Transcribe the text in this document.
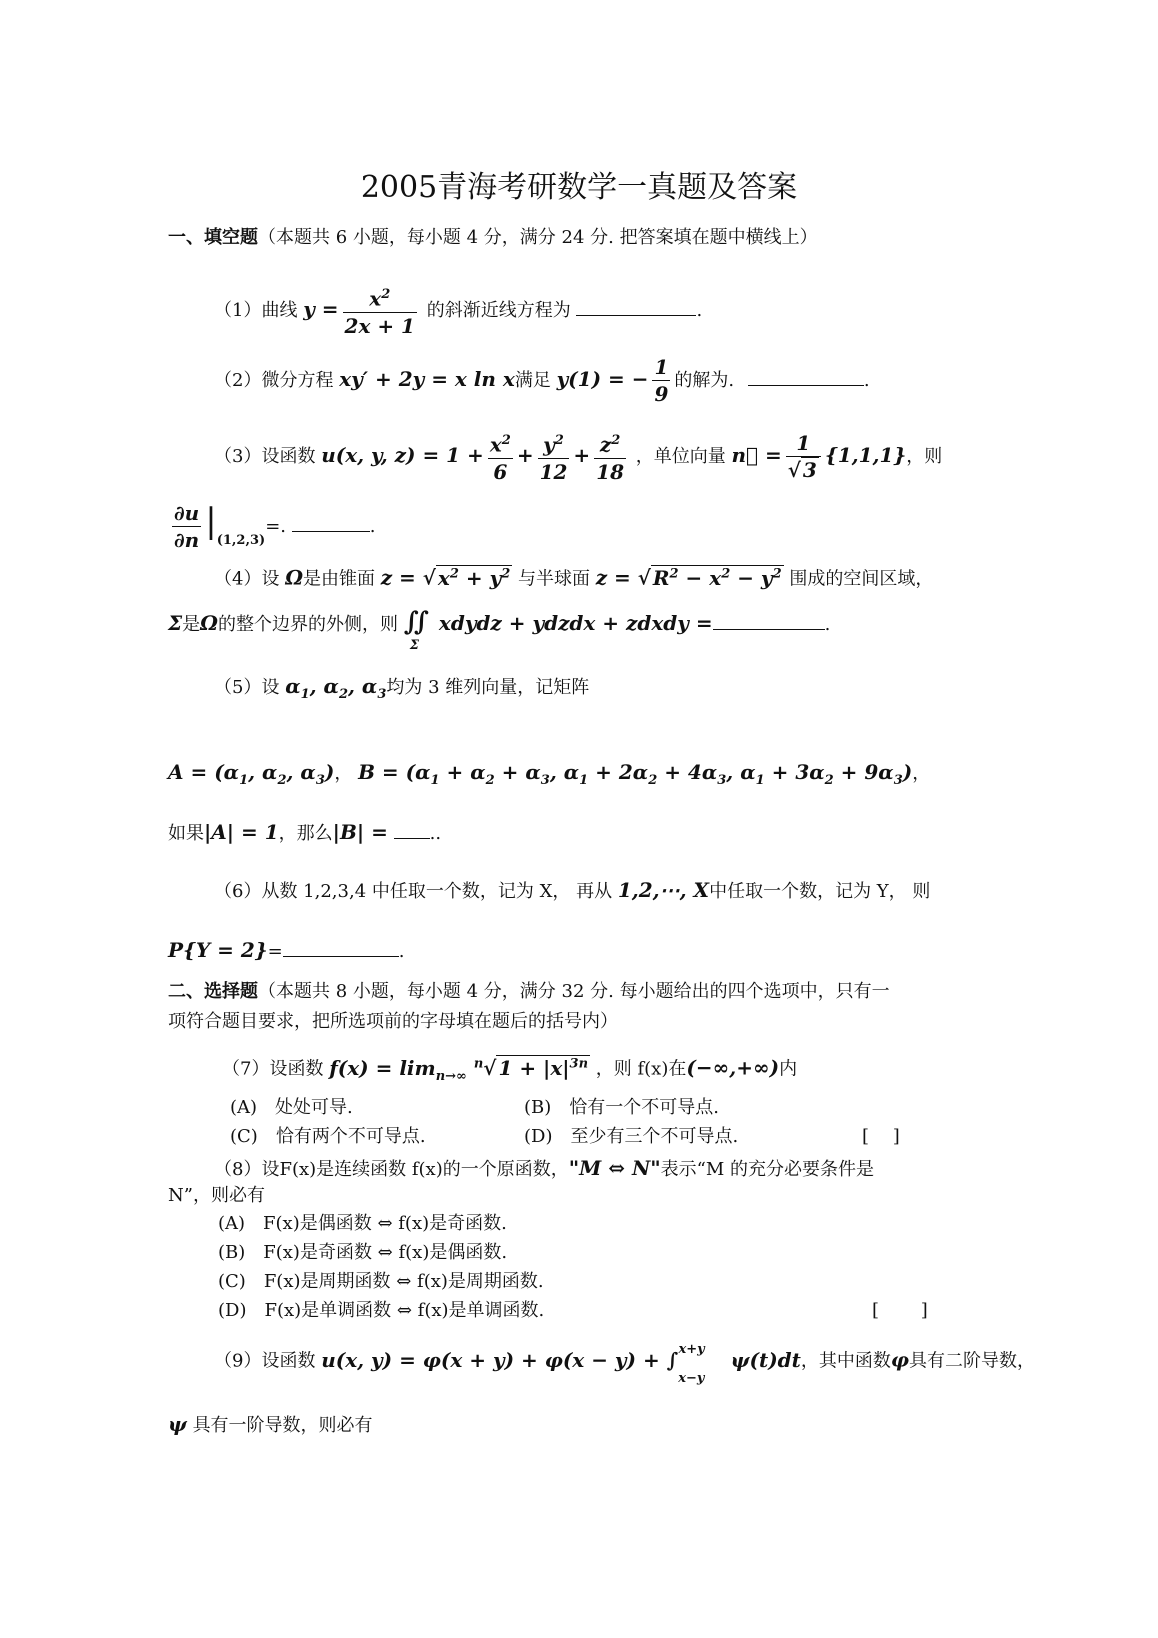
2005青海考研数学一真题及答案
一、填空题（本题共 6 小题，每小题 4 分，满分 24 分. 把答案填在题中横线上）
（1）曲线 $y = \frac{x^2}{2x + 1}$ 的斜渐近线方程为	.
（2）微分方程 xy′ + 2y = x ln x满足 y(1) = − $\frac{1}{9}$ 的解为.	.
（3）设函数 u(x, y, $z) = 1 + \frac{x^2}{6} + \frac{y^2}{12} + \frac{z^2}{18}$ ，单位向量 n⃗ = $\frac{1}{√ 3} \{1,1,1\}$，则
$\frac{\partial u}{\partial n} |_{(1,2,3)}=$.	.
（4）设 Ω是由锥面 z = √ $x^2 + y^2$ 与半球面 z = √ $R^2 - x^2 - y^2$ 围成的空间区域，
Σ是Ω的整个边界的外侧，则 $∬_\Sigma xdydz$ + ydzdx + zdxdy =	.
（5）设 $\alpha_1$, $\alpha_2$, $\alpha_3$均为 3 维列向量，记矩阵
$A = (\alpha_1$, $\alpha_2$, $\alpha_3$)， $B = (\alpha_1 + \alpha_2 + \alpha_3$, $\alpha_1 + 2\alpha_2 + 4\alpha_3$, $\alpha_1 + 3\alpha_2 + 9\alpha_3$)，
如果|A| = 1，那么|B| = ..
（6）从数 1,2,3,4 中任取一个数，记为 X， 再从 1,2,⋯, X中任取一个数，记为 Y， 则
P{Y = 2}=	.
二、选择题（本题共 8 小题，每小题 4 分，满分 32 分. 每小题给出的四个选项中，只有一
项符合题目要求，把所选项前的字母填在题后的括号内）
（7）设函数 $f(x) = \lim_{n\to\infty} ^n√$ $1 + |x|^{3n}$ ，则 f(x)在(−∞,+∞)内
(A)　处处可导.	(B)　恰有一个不可导点.
(C)　恰有两个不可导点.	(D)　至少有三个不可导点.	[　 ]
（8）设F(x)是连续函数 f(x)的一个原函数，"M ⇔ N"表示“M 的充分必要条件是
N”，则必有
(A)　F(x)是偶函数 ⇔ f(x)是奇函数.
(B)　F(x)是奇函数 ⇔ f(x)是偶函数.
(C)　F(x)是周期函数 ⇔ f(x)是周期函数.
(D)　F(x)是单调函数 ⇔ f(x)是单调函数.	[　 　]
（9）设函数 u(x, $y) = \varphi(x + y) + \varphi(x - y) + \int_{x-y}^{x+y}$ ψ(t)dt，其中函数φ具有二阶导数，
ψ 具有一阶导数，则必有
